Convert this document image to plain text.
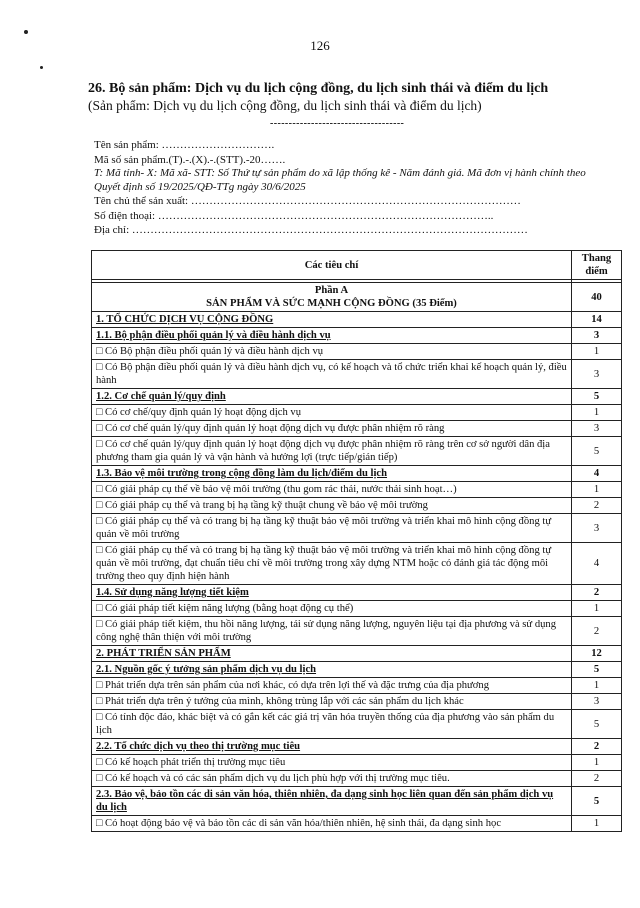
126
26. Bộ sản phẩm: Dịch vụ du lịch cộng đồng, du lịch sinh thái và điểm du lịch
(Sản phẩm: Dịch vụ du lịch cộng đồng, du lịch sinh thái và điểm du lịch)
------------------------------------
Tên sản phẩm: ………………………….
Mã số sản phẩm.(T).-.(X).-.(STT).-20…….
T: Mã tỉnh- X: Mã xã- STT: Số Thứ tự sản phẩm do xã lập thống kê - Năm đánh giá. Mã đơn vị hành chính theo Quyết định số 19/2025/QĐ-TTg ngày 30/6/2025
Tên chủ thể sản xuất: ………………………………………………………………………………
Số điện thoại: ………………………………………………………………………………..
Địa chỉ: ………………………………………………………………………………………………
Các tiêu chí	Thang điểm

Phần A
SẢN PHẨM VÀ SỨC MẠNH CỘNG ĐỒNG (35 Điểm)	40
1. TỔ CHỨC DỊCH VỤ CỘNG ĐỒNG	14
1.1. Bộ phận điều phối quản lý và điều hành dịch vụ	3
□ Có Bộ phận điều phối quản lý và điều hành dịch vụ	1
□ Có Bộ phận điều phối quản lý và điều hành dịch vụ, có kế hoạch và tổ chức triển khai kế hoạch quản lý, điều hành	3
1.2. Cơ chế quản lý/quy định	5
□ Có cơ chế/quy định quản lý hoạt động dịch vụ	1
□ Có cơ chế quản lý/quy định quản lý hoạt động dịch vụ được phân nhiệm rõ ràng	3
□ Có cơ chế quản lý/quy định quản lý hoạt động dịch vụ được phân nhiệm rõ ràng trên cơ sở người dân địa phương tham gia quản lý và vận hành và hưởng lợi (trực tiếp/gián tiếp)	5
1.3. Bảo vệ môi trường trong cộng đồng làm du lịch/điểm du lịch	4
□ Có giải pháp cụ thể về bảo vệ môi trường (thu gom rác thải, nước thải sinh hoạt…)	1
□ Có giải pháp cụ thể và trang bị hạ tầng kỹ thuật chung về bảo vệ môi trường	2
□ Có giải pháp cụ thể và có trang bị hạ tầng kỹ thuật bảo vệ môi trường và triển khai mô hình cộng đồng tự quản về môi trường	3
□ Có giải pháp cụ thể và có trang bị hạ tầng kỹ thuật bảo vệ môi trường và triển khai mô hình cộng đồng tự quản về môi trường, đạt chuẩn tiêu chí về môi trường trong xây dựng NTM hoặc có đánh giá tác động môi trường theo quy định hiện hành	4
1.4. Sử dụng năng lượng tiết kiệm	2
□ Có giải pháp tiết kiệm năng lượng (bằng hoạt động cụ thể)	1
□ Có giải pháp tiết kiệm, thu hồi năng lượng, tái sử dụng năng lượng, nguyên liệu tại địa phương và sử dụng công nghệ thân thiện với môi trường	2
2. PHÁT TRIỂN SẢN PHẨM	12
2.1. Nguồn gốc ý tưởng sản phẩm dịch vụ du lịch	5
□ Phát triển dựa trên sản phẩm của nơi khác, có dựa trên lợi thế và đặc trưng của địa phương	1
□ Phát triển dựa trên ý tưởng của mình, không trùng lắp với các sản phẩm du lịch khác	3
□ Có tính độc đáo, khác biệt và có gắn kết các giá trị văn hóa truyền thống của địa phương vào sản phẩm du lịch	5
2.2. Tổ chức dịch vụ theo thị trường mục tiêu	2
□ Có kế hoạch phát triển thị trường mục tiêu	1
□ Có kế hoạch và có các sản phẩm dịch vụ du lịch phù hợp với thị trường mục tiêu.	2
2.3. Bảo vệ, bảo tồn các di sản văn hóa, thiên nhiên, đa dạng sinh học liên quan đến sản phẩm dịch vụ du lịch	5
□ Có hoạt động bảo vệ và bảo tồn các di sản văn hóa/thiên nhiên, hệ sinh thái, đa dạng sinh học	1
